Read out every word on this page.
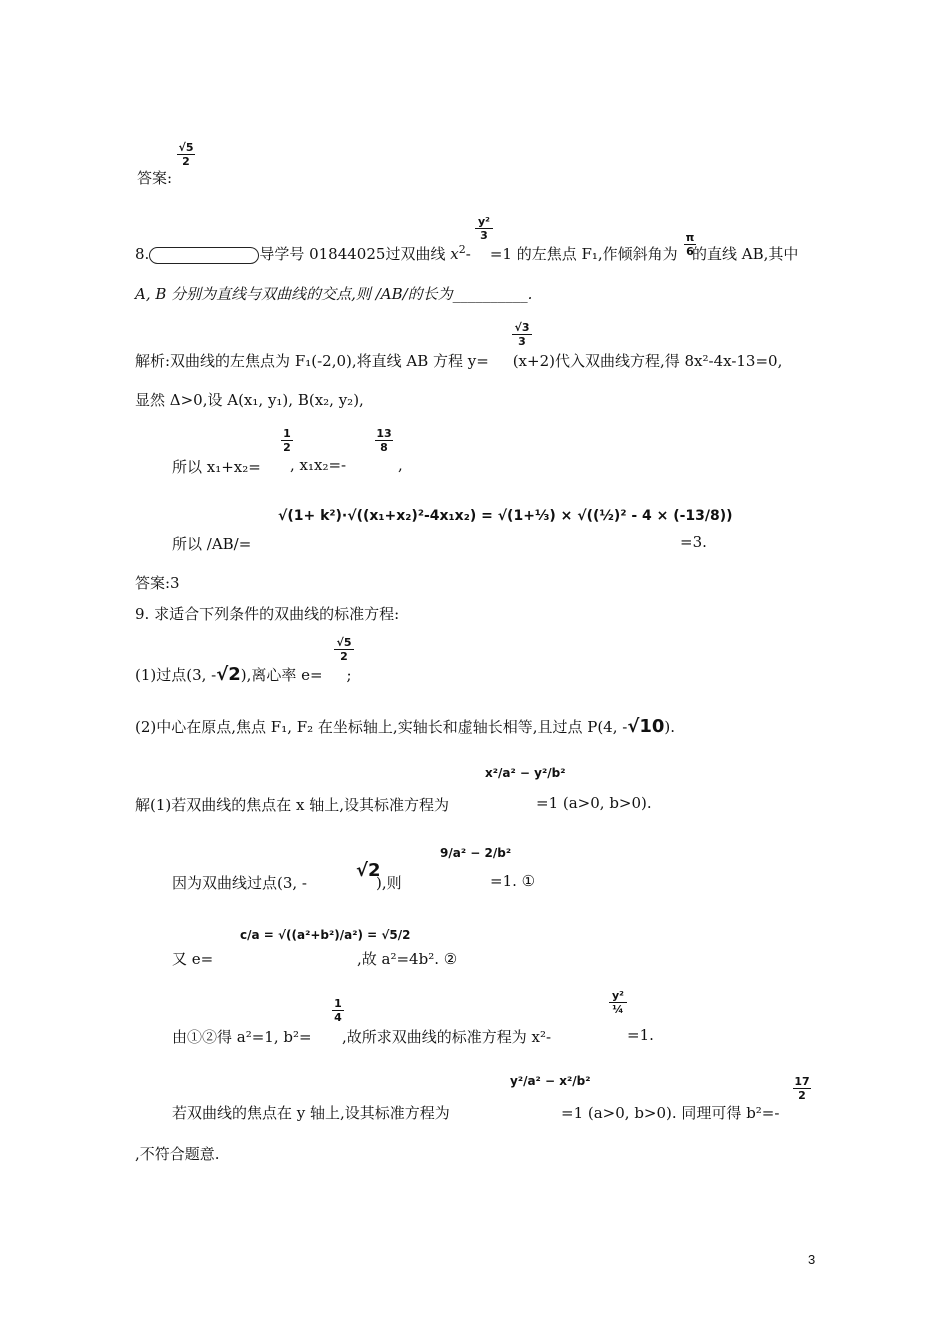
$\frac{√5}{2}$
答案:
8.	导学号 01844025过双曲线 $x^2-$    =1 的左焦点 F₁,作倾斜角为 的直线 AB,其中
$\frac{\text{y²}}{3}$
$\frac{\pi}{6}$
A, B 分别为直线与双曲线的交点,则 /AB/的长为__________.
$\frac{√3}{3}$
解析:双曲线的左焦点为 F₁(-2,0),将直线 AB 方程 y= (x+2)代入双曲线方程,得 8x²-4x-13=0,
显然 Δ>0,设 A(x₁, y₁), B(x₂, y₂),
所以 x₁+x₂=
$\frac{1}{2}$
, x₁x₂=-
$\frac{13}{8}$
,
所以 /AB/=
√(1+ k²)·√((x₁+x₂)²-4x₁x₂) = √(1+⅓) × √((½)² - 4 × (-13/8))
=3.
答案:3
9. 求适合下列条件的双曲线的标准方程:
(1)过点(3, -√2),离心率 e= ;
$\frac{√5}{2}$
(2)中心在原点,焦点 F₁, F₂ 在坐标轴上,实轴长和虚轴长相等,且过点 P(4, -√10).
解(1)若双曲线的焦点在 x 轴上,设其标准方程为
x²/a² − y²/b²
=1 (a>0, b>0).
因为双曲线过点(3, -
√2
),则
9/a² − 2/b²
=1. ①
又 e=
c/a = √((a²+b²)/a²) = √5/2
,故 a²=4b². ②
由①②得 a²=1, b²=
$\frac{1}{4}$
,故所求双曲线的标准方程为 x²-
y²
¼
=1.
若双曲线的焦点在 y 轴上,设其标准方程为
y²/a² − x²/b²
=1 (a>0, b>0). 同理可得 b²=-
$\frac{17}{2}$
,不符合题意.
3
